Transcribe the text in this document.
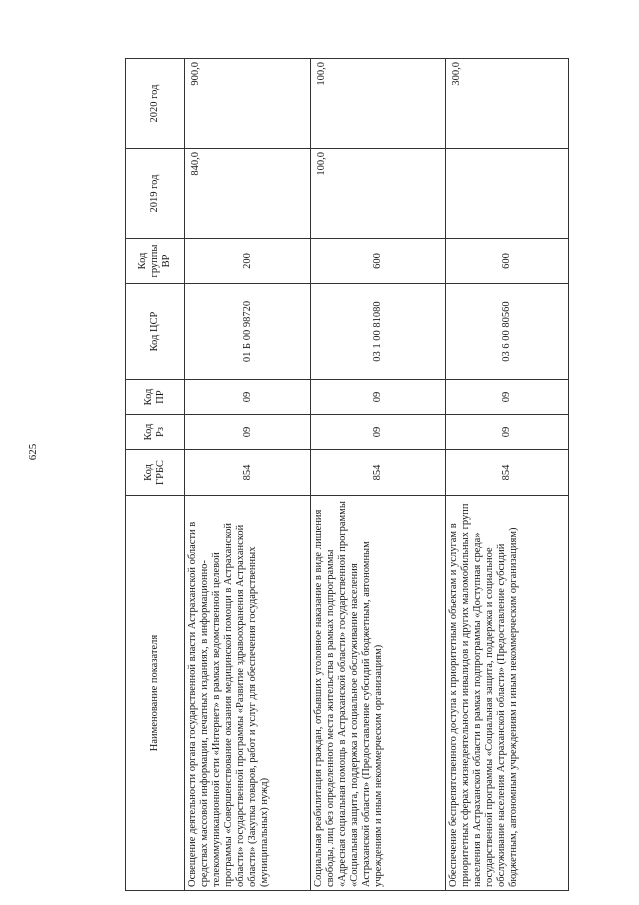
625
Наименование показателя	Код ГРБС	Код Рз	Код ПР	Код ЦСР	Код группы ВР	2019 год	2020 год
Освещение деятельности органа государственной власти Астраханской области в средствах массовой информации, печатных изданиях, в информационно-телекоммуникационной сети «Интернет» в рамках ведомственной целевой программы «Совершенствование оказания медицинской помощи в Астраханской области» государственной программы «Развитие здравоохранения Астраханской области» (Закупка товаров, работ и услуг для обеспечения государственных (муниципальных) нужд)	854	09	09	01 Б 00 98720	200	840,0	900,0
Социальная реабилитация граждан, отбывших уголовное наказание в виде лишения свободы, лиц без определенного места жительства в рамках подпрограммы «Адресная социальная помощь в Астраханской области» государственной программы «Социальная защита, поддержка и социальное обслуживание населения Астраханской области» (Предоставление субсидий бюджетным, автономным учреждениям и иным некоммерческим организациям)	854	09	09	03 1 00 81080	600	100,0	100,0
Обеспечение беспрепятственного доступа к приоритетным объектам и услугам в приоритетных сферах жизнедеятельности инвалидов и других маломобильных групп населения в Астраханской области в рамках подпрограммы «Доступная среда» государственной программы «Социальная защита, поддержка и социальное обслуживание населения Астраханской области» (Предоставление субсидий бюджетным, автономным учреждениям и иным некоммерческим организациям)	854	09	09	03 6 00 80560	600		300,0
